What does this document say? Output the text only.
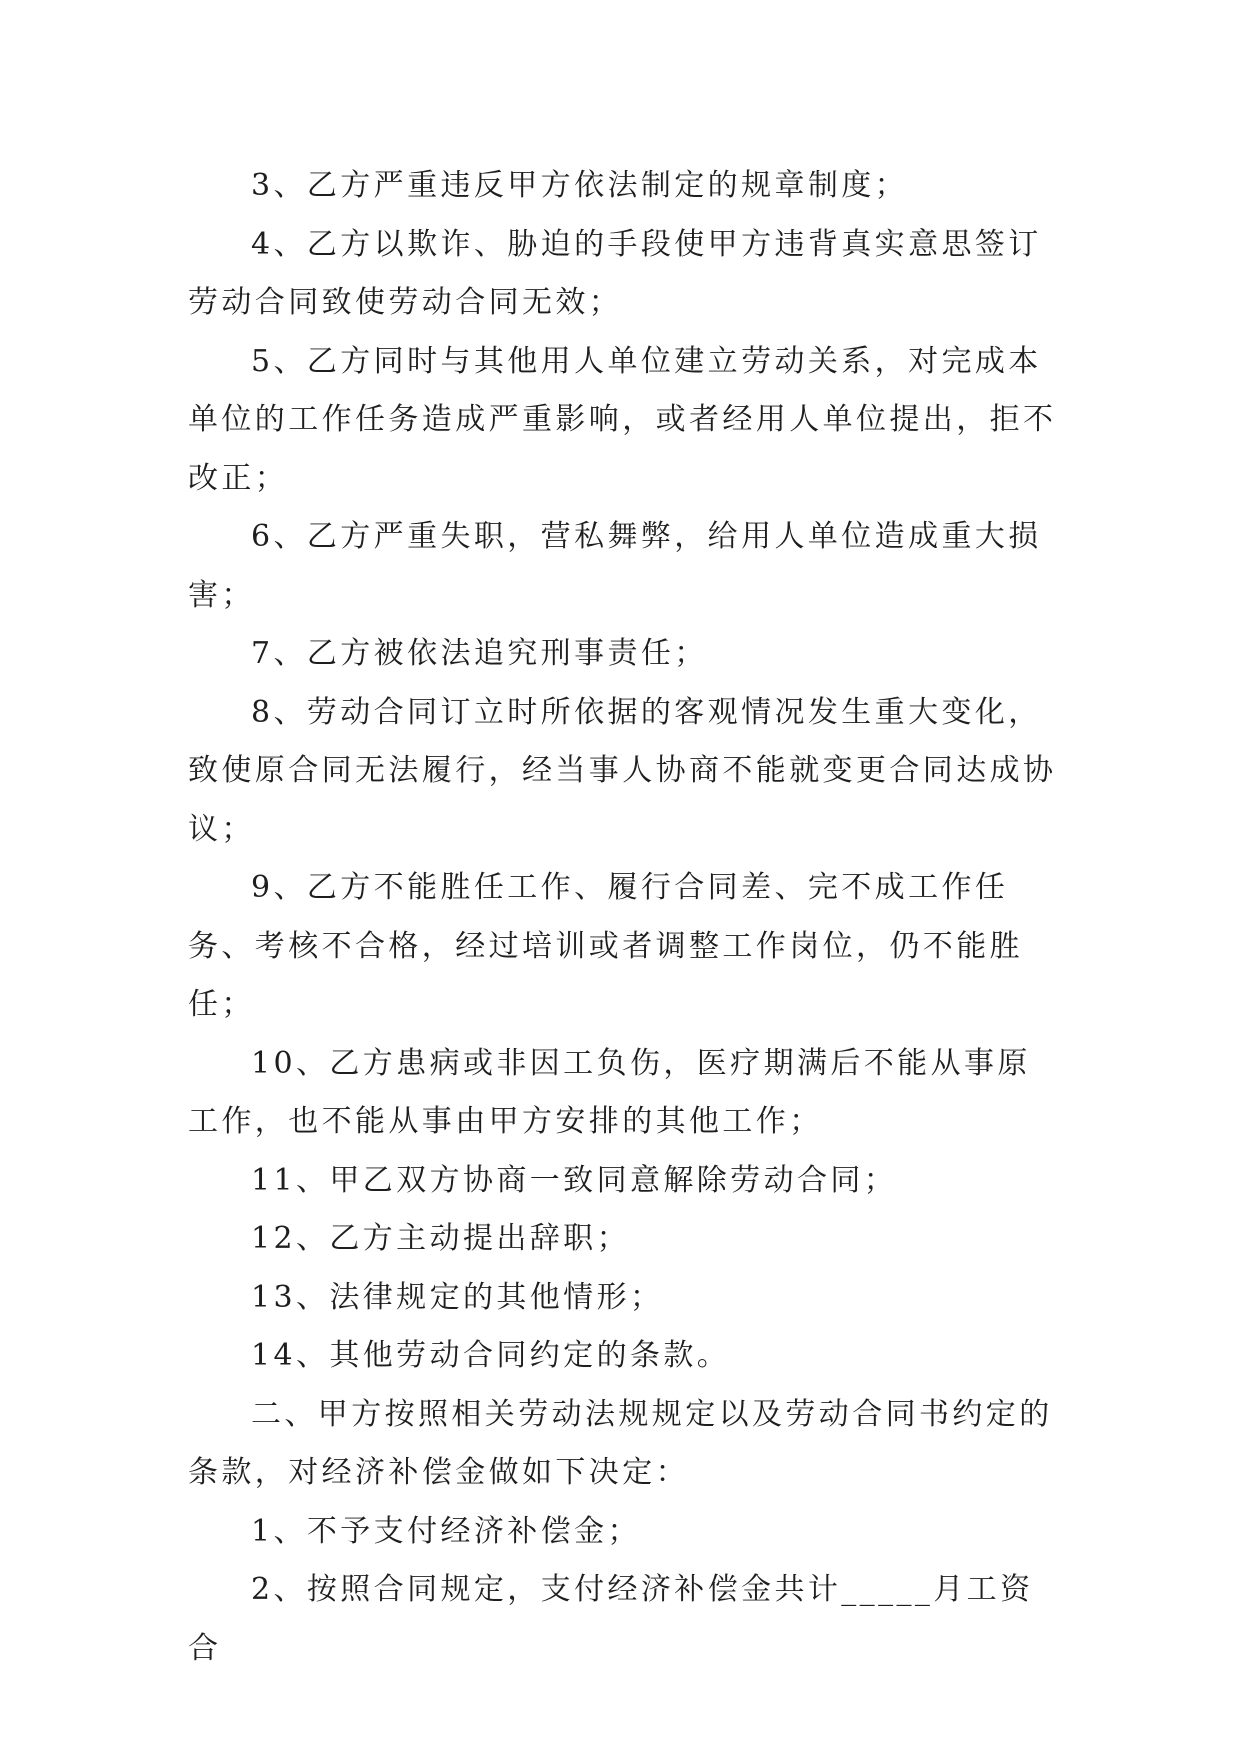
3、乙方严重违反甲方依法制定的规章制度；

4、乙方以欺诈、胁迫的手段使甲方违背真实意思签订劳动合同致使劳动合同无效；

5、乙方同时与其他用人单位建立劳动关系，对完成本单位的工作任务造成严重影响，或者经用人单位提出，拒不改正；

6、乙方严重失职，营私舞弊，给用人单位造成重大损害；

7、乙方被依法追究刑事责任；

8、劳动合同订立时所依据的客观情况发生重大变化，致使原合同无法履行，经当事人协商不能就变更合同达成协议；

9、乙方不能胜任工作、履行合同差、完不成工作任务、考核不合格，经过培训或者调整工作岗位，仍不能胜任；

10、乙方患病或非因工负伤，医疗期满后不能从事原工作，也不能从事由甲方安排的其他工作；

11、甲乙双方协商一致同意解除劳动合同；

12、乙方主动提出辞职；

13、法律规定的其他情形；

14、其他劳动合同约定的条款。

二、甲方按照相关劳动法规规定以及劳动合同书约定的条款，对经济补偿金做如下决定：

1、不予支付经济补偿金；

2、按照合同规定，支付经济补偿金共计_____月工资合
